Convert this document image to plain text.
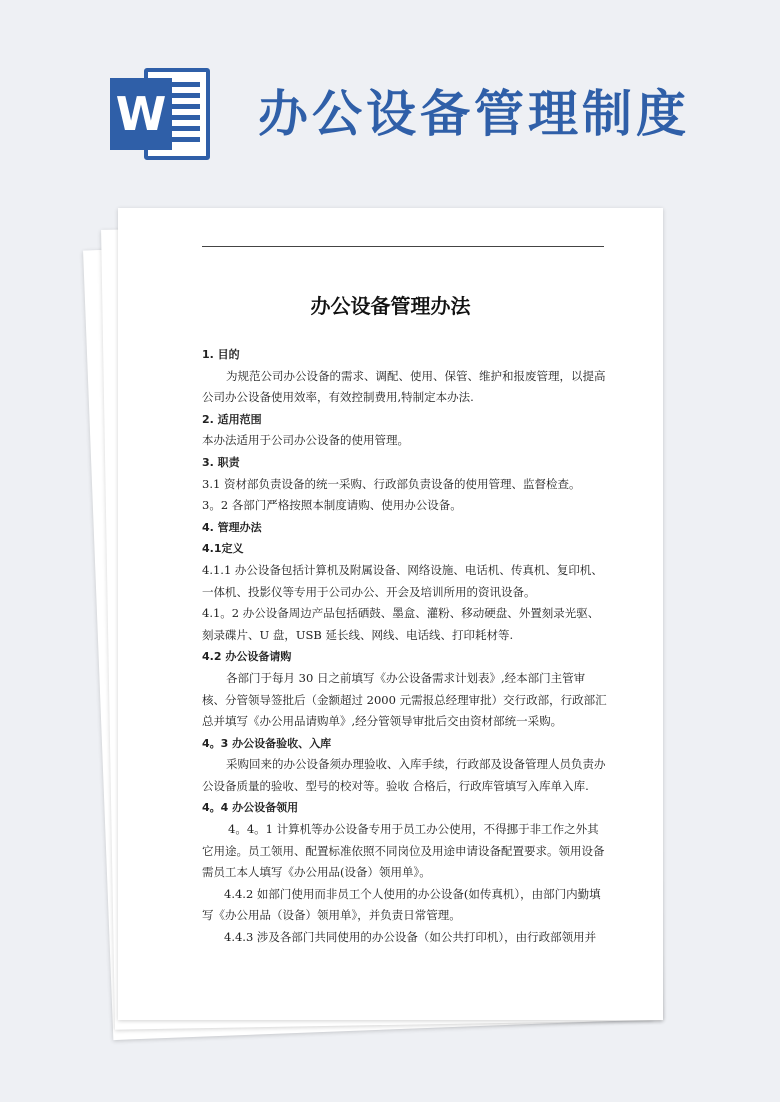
W 办公设备管理制度
办公设备管理办法

1. 目的

为规范公司办公设备的需求、调配、使用、保管、维护和报废管理，以提高公司办公设备使用效率，有效控制费用,特制定本办法.

2. 适用范围

本办法适用于公司办公设备的使用管理。

3. 职责

3.1 资材部负责设备的统一采购、行政部负责设备的使用管理、监督检查。

3。2 各部门严格按照本制度请购、使用办公设备。

4. 管理办法

4.1定义

4.1.1 办公设备包括计算机及附属设备、网络设施、电话机、传真机、复印机、一体机、投影仪等专用于公司办公、开会及培训所用的资讯设备。

4.1。2 办公设备周边产品包括硒鼓、墨盒、灌粉、移动硬盘、外置刻录光驱、刻录碟片、U 盘，USB 延长线、网线、电话线、打印耗材等.

4.2 办公设备请购

各部门于每月 30 日之前填写《办公设备需求计划表》,经本部门主管审核、分管领导签批后（金额超过 2000 元需报总经理审批）交行政部，行政部汇总并填写《办公用品请购单》,经分管领导审批后交由资材部统一采购。

4。3 办公设备验收、入库

采购回来的办公设备须办理验收、入库手续，行政部及设备管理人员负责办公设备质量的验收、型号的校对等。验收 合格后，行政库管填写入库单入库.

4。4 办公设备领用

4。4。1 计算机等办公设备专用于员工办公使用，不得挪于非工作之外其它用途。员工领用、配置标准依照不同岗位及用途申请设备配置要求。领用设备需员工本人填写《办公用品(设备）领用单》。

4.4.2 如部门使用而非员工个人使用的办公设备(如传真机），由部门内勤填写《办公用品（设备）领用单》，并负责日常管理。

4.4.3 涉及各部门共同使用的办公设备（如公共打印机），由行政部领用并
